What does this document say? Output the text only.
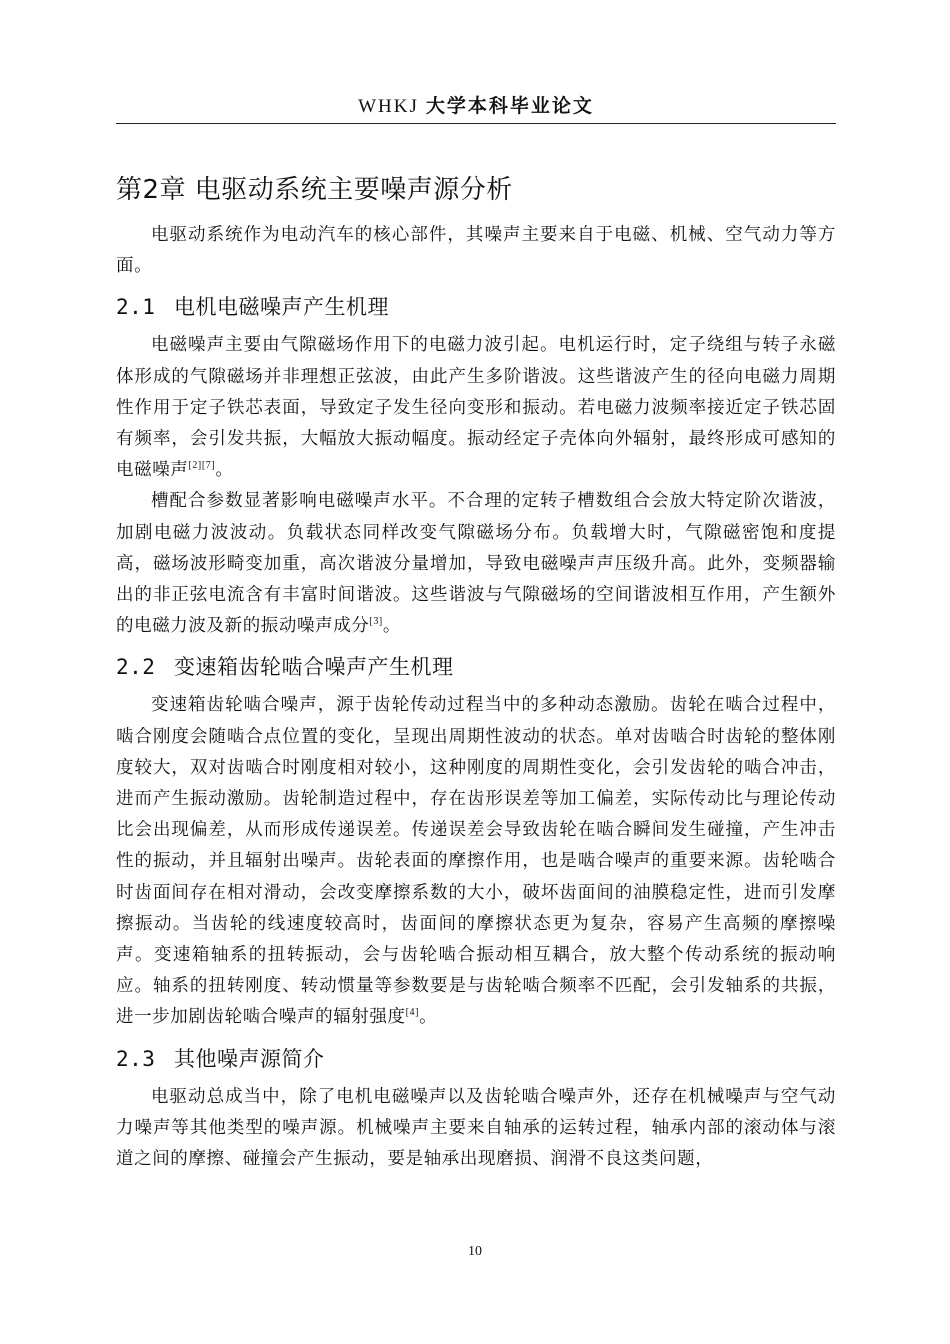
WHKJ 大学本科毕业论文
第2章 电驱动系统主要噪声源分析

电驱动系统作为电动汽车的核心部件，其噪声主要来自于电磁、机械、空气动力等方面。

2.1 电机电磁噪声产生机理

电磁噪声主要由气隙磁场作用下的电磁力波引起。电机运行时，定子绕组与转子永磁体形成的气隙磁场并非理想正弦波，由此产生多阶谐波。这些谐波产生的径向电磁力周期性作用于定子铁芯表面，导致定子发生径向变形和振动。若电磁力波频率接近定子铁芯固有频率，会引发共振，大幅放大振动幅度。振动经定子壳体向外辐射，最终形成可感知的电磁噪声[2][7]。

槽配合参数显著影响电磁噪声水平。不合理的定转子槽数组合会放大特定阶次谐波，加剧电磁力波波动。负载状态同样改变气隙磁场分布。负载增大时，气隙磁密饱和度提高，磁场波形畸变加重，高次谐波分量增加，导致电磁噪声声压级升高。此外，变频器输出的非正弦电流含有丰富时间谐波。这些谐波与气隙磁场的空间谐波相互作用，产生额外的电磁力波及新的振动噪声成分[3]。

2.2 变速箱齿轮啮合噪声产生机理

变速箱齿轮啮合噪声，源于齿轮传动过程当中的多种动态激励。齿轮在啮合过程中，啮合刚度会随啮合点位置的变化，呈现出周期性波动的状态。单对齿啮合时齿轮的整体刚度较大，双对齿啮合时刚度相对较小，这种刚度的周期性变化，会引发齿轮的啮合冲击，进而产生振动激励。齿轮制造过程中，存在齿形误差等加工偏差，实际传动比与理论传动比会出现偏差，从而形成传递误差。传递误差会导致齿轮在啮合瞬间发生碰撞，产生冲击性的振动，并且辐射出噪声。齿轮表面的摩擦作用，也是啮合噪声的重要来源。齿轮啮合时齿面间存在相对滑动，会改变摩擦系数的大小，破坏齿面间的油膜稳定性，进而引发摩擦振动。当齿轮的线速度较高时，齿面间的摩擦状态更为复杂，容易产生高频的摩擦噪声。变速箱轴系的扭转振动，会与齿轮啮合振动相互耦合，放大整个传动系统的振动响应。轴系的扭转刚度、转动惯量等参数要是与齿轮啮合频率不匹配，会引发轴系的共振，进一步加剧齿轮啮合噪声的辐射强度[4]。

2.3 其他噪声源简介

电驱动总成当中，除了电机电磁噪声以及齿轮啮合噪声外，还存在机械噪声与空气动力噪声等其他类型的噪声源。机械噪声主要来自轴承的运转过程，轴承内部的滚动体与滚道之间的摩擦、碰撞会产生振动，要是轴承出现磨损、润滑不良这类问题，

10
